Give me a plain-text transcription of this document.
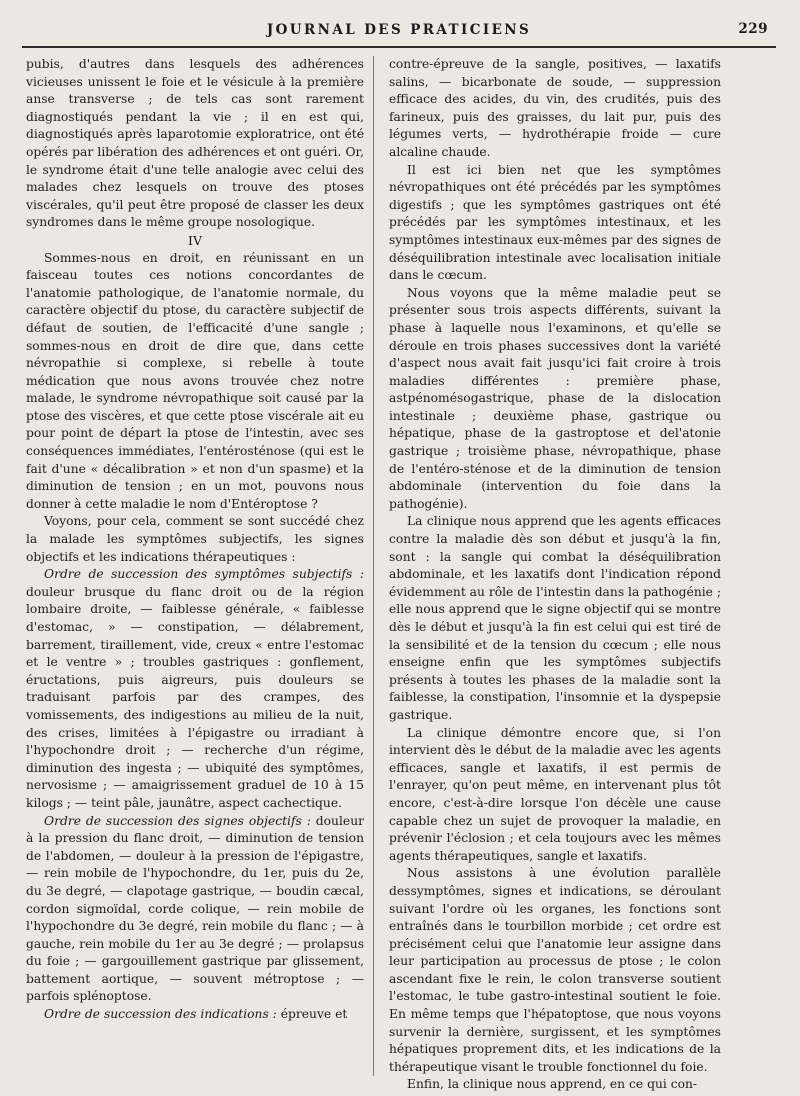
JOURNAL DES PRATICIENS	229

pubis, d'autres dans lesquels des adhérences vicieuses unissent le foie et le vésicule à la première anse transverse ; de tels cas sont rarement diagnostiqués pendant la vie ; il en est qui, diagnostiqués après laparotomie exploratrice, ont été opérés par libération des adhérences et ont guéri. Or, le syndrome était d'une telle analogie avec celui des malades chez lesquels on trouve des ptoses viscérales, qu'il peut être proposé de classer les deux syndromes dans le même groupe nosologique.

IV

Sommes-nous en droit, en réunissant en un faisceau toutes ces notions concordantes de l'anatomie pathologique, de l'anatomie normale, du caractère objectif du ptose, du caractère subjectif de défaut de soutien, de l'efficacité d'une sangle ; sommes-nous en droit de dire que, dans cette névropathie si complexe, si rebelle à toute médication que nous avons trouvée chez notre malade, le syndrome névropathique soit causé par la ptose des viscères, et que cette ptose viscérale ait eu pour point de départ la ptose de l'intestin, avec ses conséquences immédiates, l'entérosténose (qui est le fait d'une « décalibration » et non d'un spasme) et la diminution de tension ; en un mot, pouvons nous donner à cette maladie le nom d'Entéroptose ?

Voyons, pour cela, comment se sont succédé chez la malade les symptômes subjectifs, les signes objectifs et les indications thérapeutiques :

Ordre de succession des symptômes subjectifs : douleur brusque du flanc droit ou de la région lombaire droite, — faiblesse générale, « faiblesse d'estomac, » — constipation, — délabrement, barrement, tiraillement, vide, creux « entre l'estomac et le ventre » ; troubles gastriques : gonflement, éructations, puis aigreurs, puis douleurs se traduisant parfois par des crampes, des vomissements, des indigestions au milieu de la nuit, des crises, limitées à l'épigastre ou irradiant à l'hypochondre droit ; — recherche d'un régime, diminution des ingesta ; — ubiquité des symptômes, nervosisme ; — amaigrissement graduel de 10 à 15 kilogs ; — teint pâle, jaunâtre, aspect cachectique.

Ordre de succession des signes objectifs : douleur à la pression du flanc droit, — diminution de tension de l'abdomen, — douleur à la pression de l'épigastre, — rein mobile de l'hypochondre, du 1er, puis du 2e, du 3e degré, — clapotage gastrique, — boudin cæcal, cordon sigmoïdal, corde colique, — rein mobile de l'hypochondre du 3e degré, rein mobile du flanc ; — à gauche, rein mobile du 1er au 3e degré ; — prolapsus du foie ; — gargouillement gastrique par glissement, battement aortique, — souvent métroptose ; — parfois splénoptose.

Ordre de succession des indications : épreuve et

contre-épreuve de la sangle, positives, — laxatifs salins, — bicarbonate de soude, — suppression efficace des acides, du vin, des crudités, puis des farineux, puis des graisses, du lait pur, puis des légumes verts, — hydrothérapie froide — cure alcaline chaude.

Il est ici bien net que les symptômes névropathiques ont été précédés par les symptômes digestifs ; que les symptômes gastriques ont été précédés par les symptômes intestinaux, et les symptômes intestinaux eux-mêmes par des signes de déséquilibration intestinale avec localisation initiale dans le cœcum.

Nous voyons que la même maladie peut se présenter sous trois aspects différents, suivant la phase à laquelle nous l'examinons, et qu'elle se déroule en trois phases successives dont la variété d'aspect nous avait fait jusqu'ici fait croire à trois maladies différentes : première phase, astpénomésogastrique, phase de la dislocation intestinale ; deuxième phase, gastrique ou hépatique, phase de la gastroptose et del'atonie gastrique ; troisième phase, névropathique, phase de l'entéro-sténose et de la diminution de tension abdominale (intervention du foie dans la pathogénie).

La clinique nous apprend que les agents efficaces contre la maladie dès son début et jusqu'à la fin, sont : la sangle qui combat la déséquilibration abdominale, et les laxatifs dont l'indication répond évidemment au rôle de l'intestin dans la pathogénie ; elle nous apprend que le signe objectif qui se montre dès le début et jusqu'à la fin est celui qui est tiré de la sensibilité et de la tension du cœcum ; elle nous enseigne enfin que les symptômes subjectifs présents à toutes les phases de la maladie sont la faiblesse, la constipation, l'insomnie et la dyspepsie gastrique.

La clinique démontre encore que, si l'on intervient dès le début de la maladie avec les agents efficaces, sangle et laxatifs, il est permis de l'enrayer, qu'on peut même, en intervenant plus tôt encore, c'est-à-dire lorsque l'on décèle une cause capable chez un sujet de provoquer la maladie, en prévenir l'éclosion ; et cela toujours avec les mêmes agents thérapeutiques, sangle et laxatifs.

Nous assistons à une évolution parallèle dessymptômes, signes et indications, se déroulant suivant l'ordre où les organes, les fonctions sont entraînés dans le tourbillon morbide ; cet ordre est précisément celui que l'anatomie leur assigne dans leur participation au processus de ptose ; le colon ascendant fixe le rein, le colon transverse soutient l'estomac, le tube gastro-intestinal soutient le foie. En même temps que l'hépatoptose, que nous voyons survenir la dernière, surgissent, et les symptômes hépatiques proprement dits, et les indications de la thérapeutique visant le trouble fonctionnel du foie.

Enfin, la clinique nous apprend, en ce qui con-
